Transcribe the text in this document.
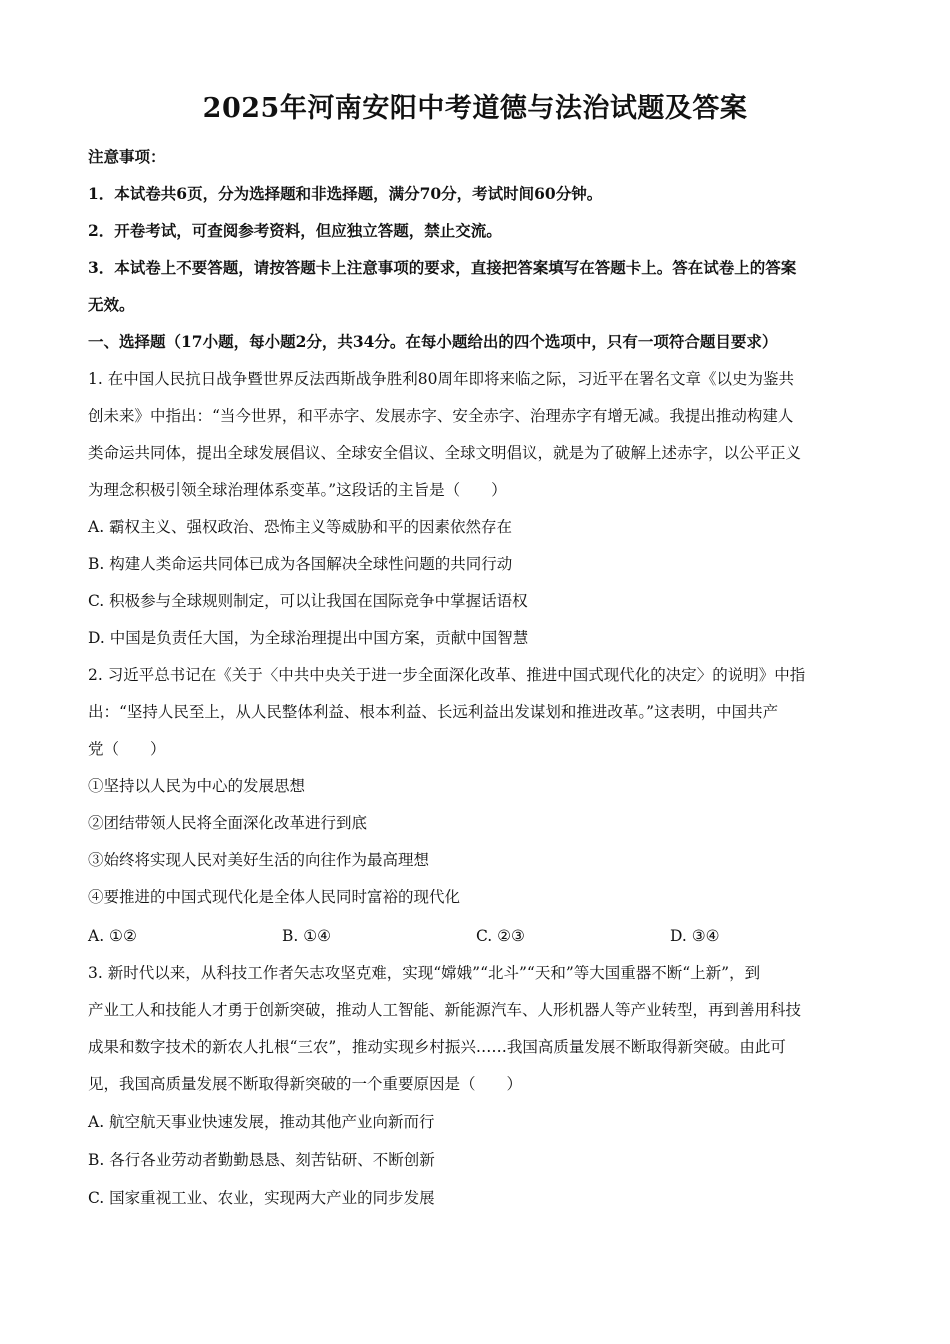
2025年河南安阳中考道德与法治试题及答案
注意事项：
1．本试卷共6页，分为选择题和非选择题，满分70分，考试时间60分钟。
2．开卷考试，可查阅参考资料，但应独立答题，禁止交流。
3．本试卷上不要答题，请按答题卡上注意事项的要求，直接把答案填写在答题卡上。答在试卷上的答案
无效。
一、选择题（17小题，每小题2分，共34分。在每小题给出的四个选项中，只有一项符合题目要求）
1. 在中国人民抗日战争暨世界反法西斯战争胜利80周年即将来临之际，习近平在署名文章《以史为鉴共
创未来》中指出：“当今世界，和平赤字、发展赤字、安全赤字、治理赤字有增无减。我提出推动构建人
类命运共同体，提出全球发展倡议、全球安全倡议、全球文明倡议，就是为了破解上述赤字，以公平正义
为理念积极引领全球治理体系变革。”这段话的主旨是（　　）
A. 霸权主义、强权政治、恐怖主义等威胁和平的因素依然存在
B. 构建人类命运共同体已成为各国解决全球性问题的共同行动
C. 积极参与全球规则制定，可以让我国在国际竞争中掌握话语权
D. 中国是负责任大国，为全球治理提出中国方案，贡献中国智慧
2. 习近平总书记在《关于〈中共中央关于进一步全面深化改革、推进中国式现代化的决定〉的说明》中指
出：“坚持人民至上，从人民整体利益、根本利益、长远利益出发谋划和推进改革。”这表明，中国共产
党（　　）
①坚持以人民为中心的发展思想
②团结带领人民将全面深化改革进行到底
③始终将实现人民对美好生活的向往作为最高理想
④要推进的中国式现代化是全体人民同时富裕的现代化
A. ①②	B. ①④	C. ②③	D. ③④
3. 新时代以来，从科技工作者矢志攻坚克难，实现“嫦娥”“北斗”“天和”等大国重器不断“上新”，到
产业工人和技能人才勇于创新突破，推动人工智能、新能源汽车、人形机器人等产业转型，再到善用科技
成果和数字技术的新农人扎根“三农”，推动实现乡村振兴……我国高质量发展不断取得新突破。由此可
见，我国高质量发展不断取得新突破的一个重要原因是（　　）
A. 航空航天事业快速发展，推动其他产业向新而行
B. 各行各业劳动者勤勤恳恳、刻苦钻研、不断创新
C. 国家重视工业、农业，实现两大产业的同步发展
